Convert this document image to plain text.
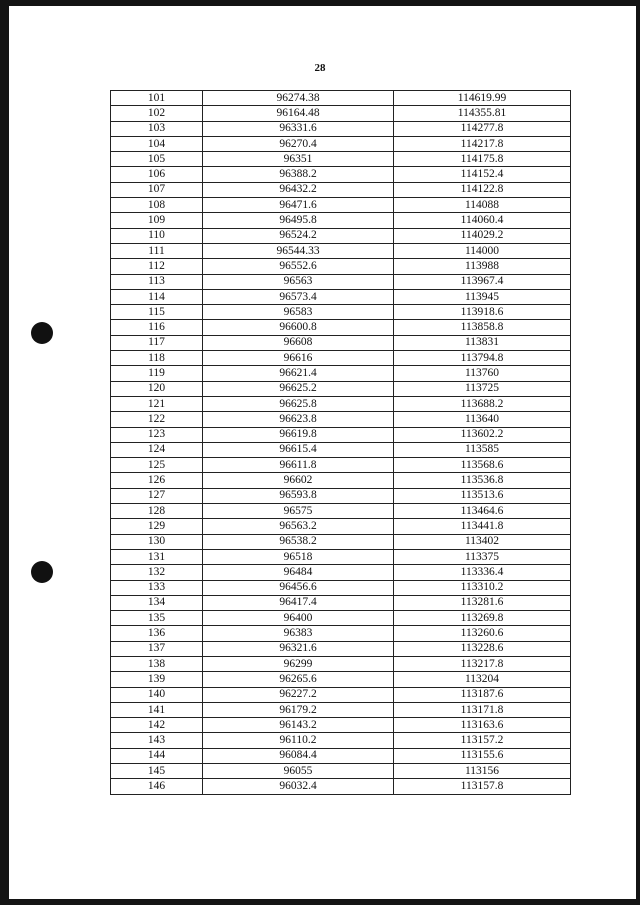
28
101	96274.38	114619.99
102	96164.48	114355.81
103	96331.6	114277.8
104	96270.4	114217.8
105	96351	114175.8
106	96388.2	114152.4
107	96432.2	114122.8
108	96471.6	114088
109	96495.8	114060.4
110	96524.2	114029.2
111	96544.33	114000
112	96552.6	113988
113	96563	113967.4
114	96573.4	113945
115	96583	113918.6
116	96600.8	113858.8
117	96608	113831
118	96616	113794.8
119	96621.4	113760
120	96625.2	113725
121	96625.8	113688.2
122	96623.8	113640
123	96619.8	113602.2
124	96615.4	113585
125	96611.8	113568.6
126	96602	113536.8
127	96593.8	113513.6
128	96575	113464.6
129	96563.2	113441.8
130	96538.2	113402
131	96518	113375
132	96484	113336.4
133	96456.6	113310.2
134	96417.4	113281.6
135	96400	113269.8
136	96383	113260.6
137	96321.6	113228.6
138	96299	113217.8
139	96265.6	113204
140	96227.2	113187.6
141	96179.2	113171.8
142	96143.2	113163.6
143	96110.2	113157.2
144	96084.4	113155.6
145	96055	113156
146	96032.4	113157.8
